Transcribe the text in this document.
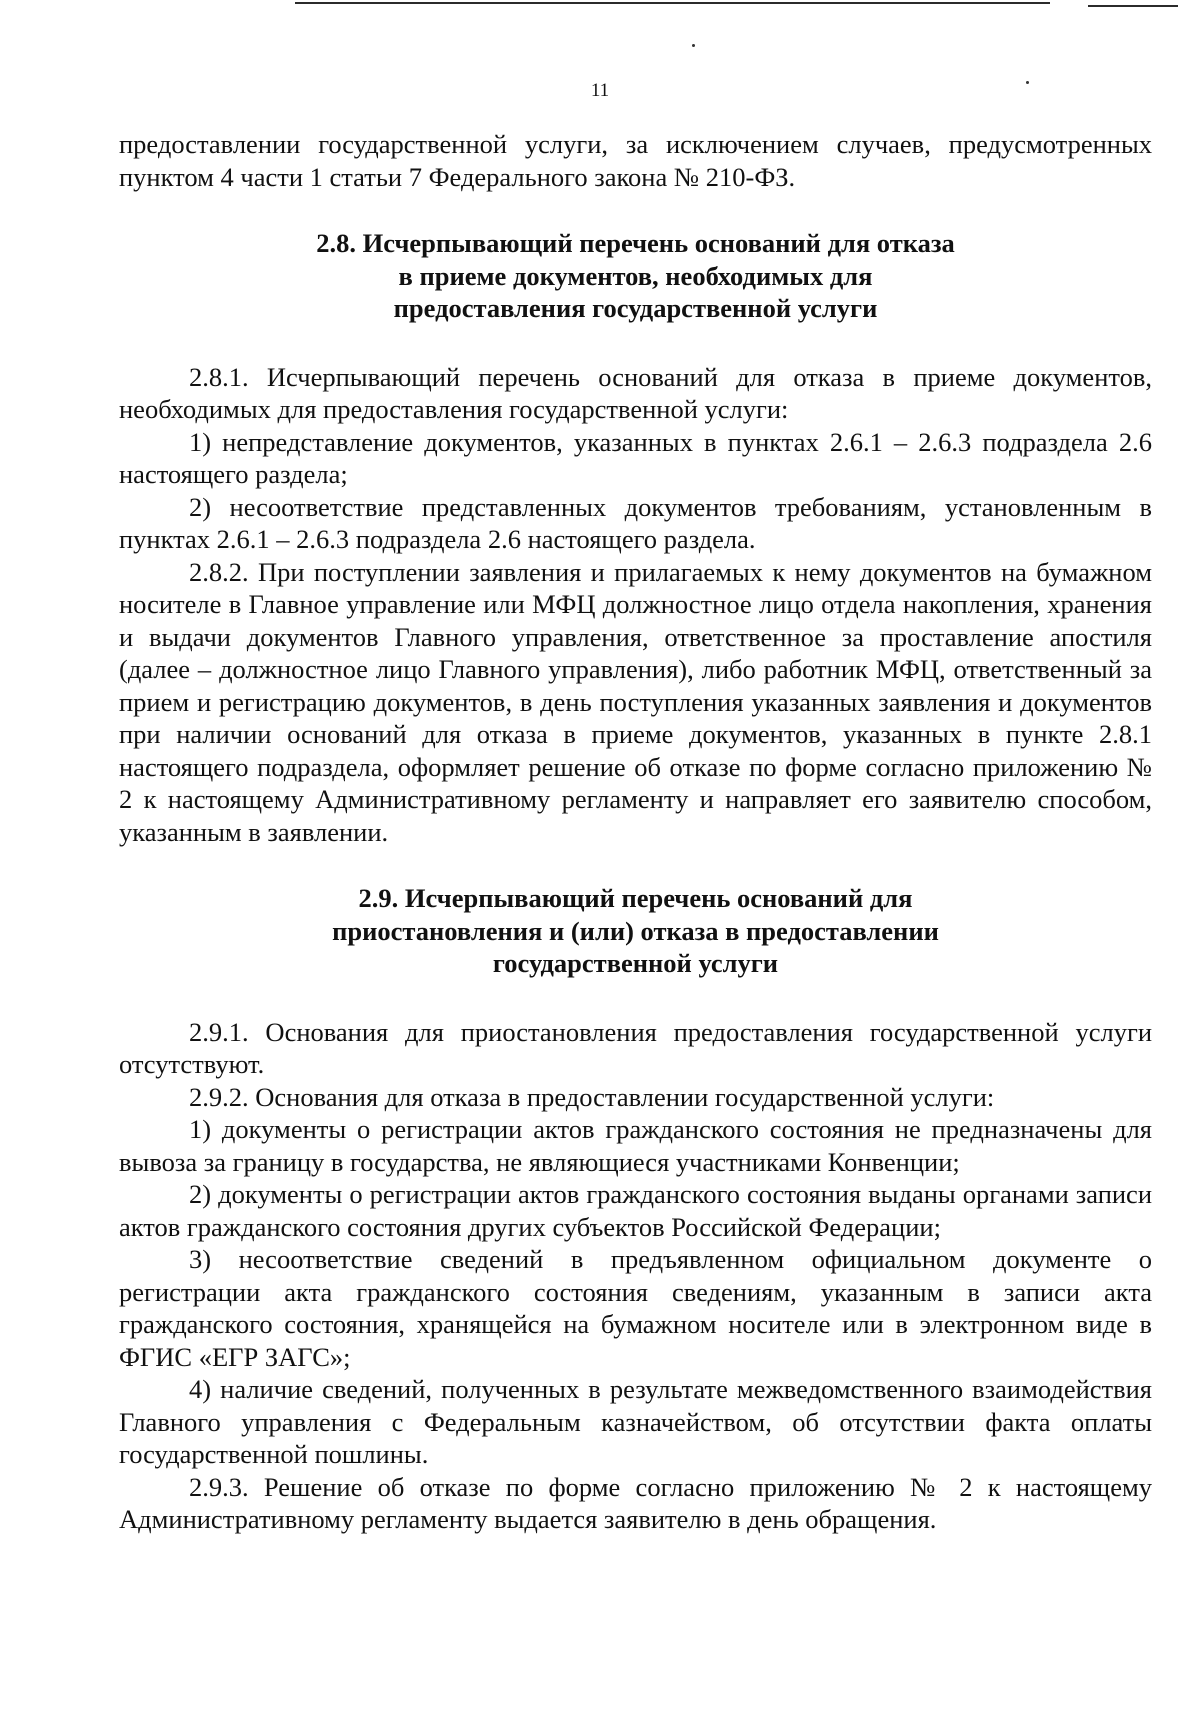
11

предоставлении государственной услуги, за исключением случаев, предусмотренных пунктом 4 части 1 статьи 7 Федерального закона № 210-ФЗ.

2.8. Исчерпывающий перечень оснований для отказа
в приеме документов, необходимых для
предоставления государственной услуги

2.8.1. Исчерпывающий перечень оснований для отказа в приеме документов, необходимых для предоставления государственной услуги:

1) непредставление документов, указанных в пунктах 2.6.1 – 2.6.3 подраздела 2.6 настоящего раздела;

2) несоответствие представленных документов требованиям, установленным в пунктах 2.6.1 – 2.6.3 подраздела 2.6 настоящего раздела.

2.8.2. При поступлении заявления и прилагаемых к нему документов на бумажном носителе в Главное управление или МФЦ должностное лицо отдела накопления, хранения и выдачи документов Главного управления, ответственное за проставление апостиля (далее – должностное лицо Главного управления), либо работник МФЦ, ответственный за прием и регистрацию документов, в день поступления указанных заявления и документов при наличии оснований для отказа в приеме документов, указанных в пункте 2.8.1 настоящего подраздела, оформляет решение об отказе по форме согласно приложению № 2 к настоящему Административному регламенту и направляет его заявителю способом, указанным в заявлении.

2.9. Исчерпывающий перечень оснований для
приостановления и (или) отказа в предоставлении
государственной услуги

2.9.1. Основания для приостановления предоставления государственной услуги отсутствуют.

2.9.2. Основания для отказа в предоставлении государственной услуги:

1) документы о регистрации актов гражданского состояния не предназначены для вывоза за границу в государства, не являющиеся участниками Конвенции;

2) документы о регистрации актов гражданского состояния выданы органами записи актов гражданского состояния других субъектов Российской Федерации;

3) несоответствие сведений в предъявленном официальном документе о регистрации акта гражданского состояния сведениям, указанным в записи акта гражданского состояния, хранящейся на бумажном носителе или в электронном виде в ФГИС «ЕГР ЗАГС»;

4) наличие сведений, полученных в результате межведомственного взаимодействия Главного управления с Федеральным казначейством, об отсутствии факта оплаты государственной пошлины.

2.9.3. Решение об отказе по форме согласно приложению № 2 к настоящему Административному регламенту выдается заявителю в день обращения.
